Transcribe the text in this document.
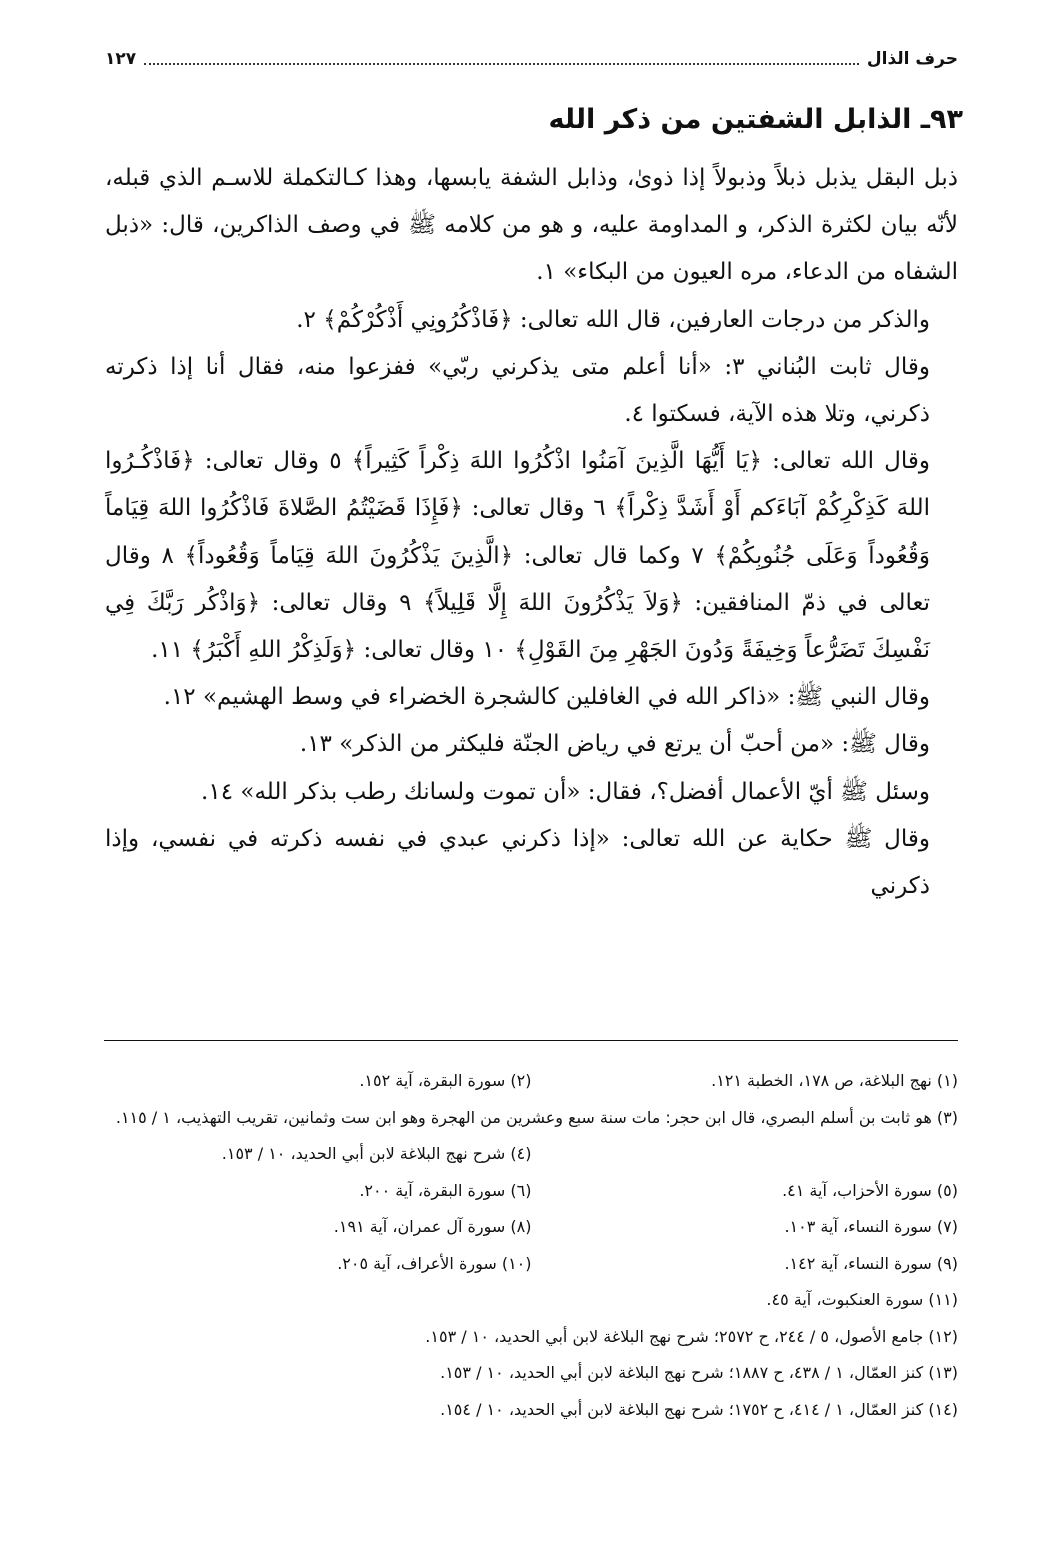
حرف الذال
١٢٧
٩٣ـ الذابل الشفتين من ذكر الله

ذبل البقل يذبل ذبلاً وذبولاً إذا ذوىٰ، وذابل الشفة يابسها، وهذا كـالتكملة للاسـم الذي قبله، لأنّه بيان لكثرة الذكر، و المداومة عليه، و هو من كلامه ﷺ في وصف الذاكرين، قال: «ذبل الشفاه من الدعاء، مره العيون من البكاء» ١.

والذكر من درجات العارفين، قال الله تعالى: ﴿فَاذْكُرُونِي أَذْكُرْكُمْ﴾ ٢.

وقال ثابت البُناني ٣: «أنا أعلم متى يذكرني ربّي» ففزعوا منه، فقال أنا إذا ذكرته ذكرني، وتلا هذه الآية، فسكتوا ٤.

وقال الله تعالى: ﴿يَا أَيُّهَا الَّذِينَ آمَنُوا اذْكُرُوا اللهَ ذِكْراً كَثِيراً﴾ ٥ وقال تعالى: ﴿فَاذْكُـرُوا اللهَ كَذِكْرِكُمْ آبَاءَكم أَوْ أَشَدَّ ذِكْراً﴾ ٦ وقال تعالى: ﴿فَإِذَا قَضَيْتُمُ الصَّلاةَ فَاذْكُرُوا اللهَ قِيَاماً وَقُعُوداً وَعَلَى جُنُوبِكُمْ﴾ ٧ وكما قال تعالى: ﴿الَّذِينَ يَذْكُرُونَ اللهَ قِيَاماً وَقُعُوداً﴾ ٨ وقال تعالى في ذمّ المنافقين: ﴿وَلاَ يَذْكُرُونَ اللهَ إِلَّا قَلِيلاً﴾ ٩ وقال تعالى: ﴿وَاذْكُر رَبَّكَ فِي نَفْسِكَ تَضَرُّعاً وَخِيفَةً وَدُونَ الجَهْرِ مِنَ القَوْلِ﴾ ١٠ وقال تعالى: ﴿وَلَذِكْرُ اللهِ أَكْبَرُ﴾ ١١.

وقال النبي ﷺ: «ذاكر الله في الغافلين كالشجرة الخضراء في وسط الهشيم» ١٢.

وقال ﷺ: «من أحبّ أن يرتع في رياض الجنّة فليكثر من الذكر» ١٣.

وسئل ﷺ أيّ الأعمال أفضل؟، فقال: «أن تموت ولسانك رطب بذكر الله» ١٤.

وقال ﷺ حكاية عن الله تعالى: «إذا ذكرني عبدي في نفسه ذكرته في نفسي، وإذا ذكرني

(١) نهج البلاغة، ص ١٧٨، الخطبة ١٢١.
(٢) سورة البقرة، آية ١٥٢.
(٣) هو ثابت بن أسلم البصري، قال ابن حجر: مات سنة سبع وعشرين من الهجرة وهو ابن ست وثمانين، تقريب التهذيب، ١ / ١١٥.
(٤) شرح نهج البلاغة لابن أبي الحديد، ١٠ / ١٥٣.
(٥) سورة الأحزاب، آية ٤١.
(٦) سورة البقرة، آية ٢٠٠.
(٧) سورة النساء، آية ١٠٣.
(٨) سورة آل عمران، آية ١٩١.
(٩) سورة النساء، آية ١٤٢.
(١٠) سورة الأعراف، آية ٢٠٥.
(١١) سورة العنكبوت، آية ٤٥.
(١٢) جامع الأصول، ٥ / ٢٤٤، ح ٢٥٧٢؛ شرح نهج البلاغة لابن أبي الحديد، ١٠ / ١٥٣.
(١٣) كنز العمّال، ١ / ٤٣٨، ح ١٨٨٧؛ شرح نهج البلاغة لابن أبي الحديد، ١٠ / ١٥٣.
(١٤) كنز العمّال، ١ / ٤١٤، ح ١٧٥٢؛ شرح نهج البلاغة لابن أبي الحديد، ١٠ / ١٥٤.
